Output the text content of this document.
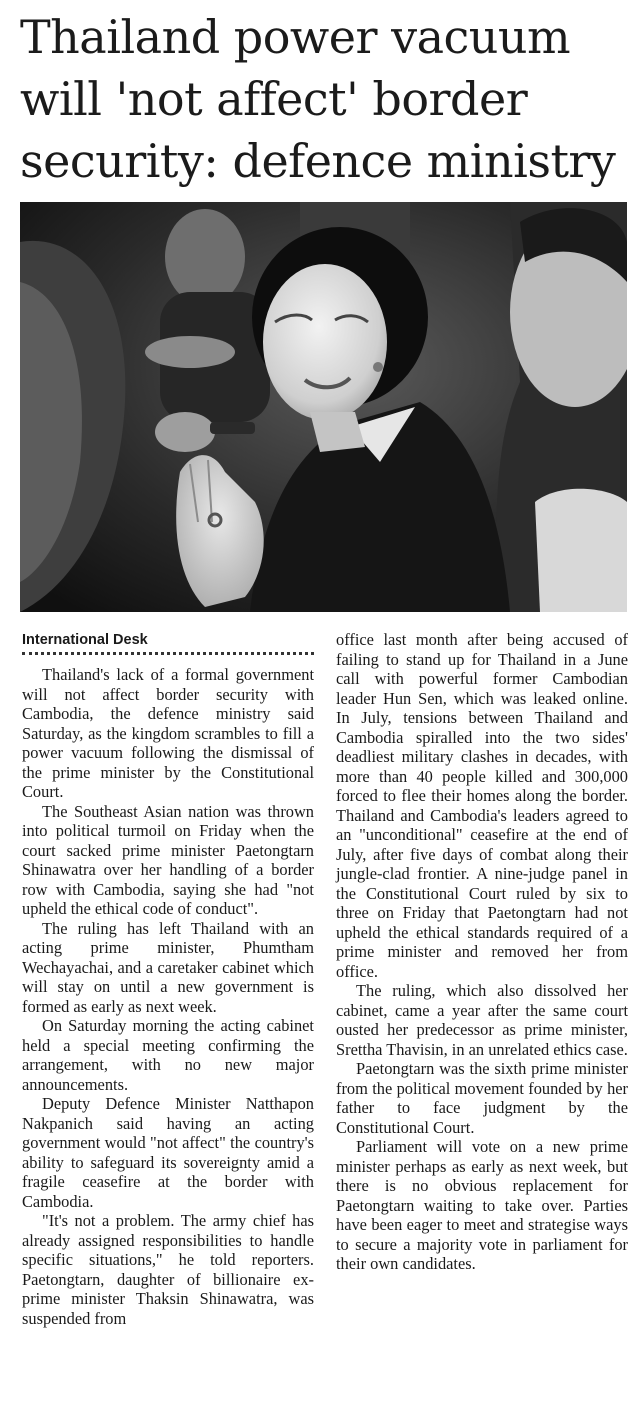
Thailand power vacuum
will 'not affect' border
security: defence ministry
International Desk

Thailand's lack of a formal government will not affect border security with Cambodia, the defence ministry said Saturday, as the kingdom scrambles to fill a power vacuum following the dismissal of the prime minister by the Constitutional Court.

The Southeast Asian nation was thrown into political turmoil on Friday when the court sacked prime minister Paetongtarn Shinawatra over her handling of a border row with Cambodia, saying she had "not upheld the ethical code of conduct".

The ruling has left Thailand with an acting prime minister, Phumtham Wechayachai, and a caretaker cabinet which will stay on until a new government is formed as early as next week.

On Saturday morning the acting cabinet held a special meeting confirming the arrangement, with no new major announcements.

Deputy Defence Minister Natthapon Nakpanich said having an acting government would "not affect" the country's ability to safeguard its sovereignty amid a fragile ceasefire at the border with Cambodia.

"It's not a problem. The army chief has already assigned responsibilities to handle specific situations," he told reporters. Paetongtarn, daughter of billionaire ex-prime minister Thaksin Shinawatra, was suspended from

office last month after being accused of failing to stand up for Thailand in a June call with powerful former Cambodian leader Hun Sen, which was leaked online. In July, tensions between Thailand and Cambodia spiralled into the two sides' deadliest military clashes in decades, with more than 40 people killed and 300,000 forced to flee their homes along the border. Thailand and Cambodia's leaders agreed to an "unconditional" ceasefire at the end of July, after five days of combat along their jungle-clad frontier. A nine-judge panel in the Constitutional Court ruled by six to three on Friday that Paetongtarn had not upheld the ethical standards required of a prime minister and removed her from office.

The ruling, which also dissolved her cabinet, came a year after the same court ousted her predecessor as prime minister, Srettha Thavisin, in an unrelated ethics case.

Paetongtarn was the sixth prime minister from the political movement founded by her father to face judgment by the Constitutional Court.

Parliament will vote on a new prime minister perhaps as early as next week, but there is no obvious replacement for Paetongtarn waiting to take over. Parties have been eager to meet and strategise ways to secure a majority vote in parliament for their own candidates.
